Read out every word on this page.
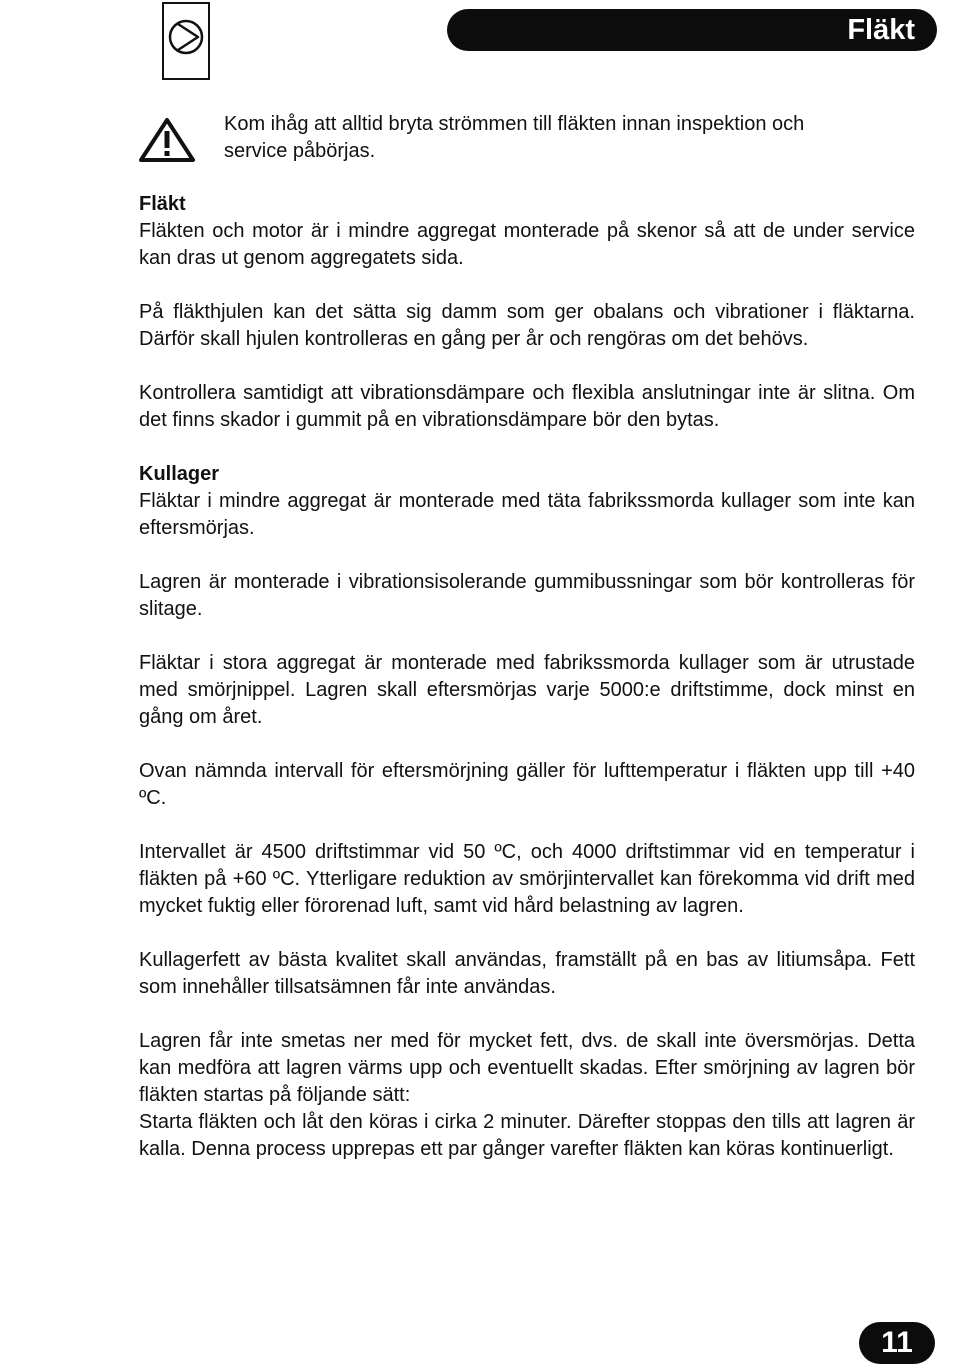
Fläkt
Kom ihåg att alltid bryta strömmen till fläkten innan inspektion och
service påbörjas.
Fläkt

Fläkten och motor är i mindre aggregat monterade på skenor så att de under service kan dras ut genom aggregatets sida.

På fläkthjulen kan det sätta sig damm som ger obalans och vibrationer i fläktarna. Därför skall hjulen kontrolleras en gång per år och rengöras om det behövs.

Kontrollera samtidigt att vibrationsdämpare och flexibla anslutningar inte är slitna. Om det finns skador i gummit på en vibrationsdämpare bör den bytas.

Kullager

Fläktar i mindre aggregat är monterade med täta fabrikssmorda kullager som inte kan eftersmörjas.

Lagren är monterade i vibrationsisolerande gummibussningar som bör kontrolleras för slitage.

Fläktar i stora aggregat är monterade med fabrikssmorda kullager som är utrustade med smörjnippel. Lagren skall eftersmörjas varje 5000:e driftstimme, dock minst en gång om året.

Ovan nämnda intervall för eftersmörjning gäller för lufttemperatur i fläkten upp till +40 ºC.

Intervallet är 4500 driftstimmar vid 50 ºC, och 4000 driftstimmar vid en temperatur i fläkten på +60 ºC. Ytterligare reduktion av smörjintervallet kan förekomma vid drift med mycket fuktig eller förorenad luft, samt vid hård belastning av lagren.

Kullagerfett av bästa kvalitet skall användas, framställt på en bas av litiumsåpa. Fett som innehåller tillsatsämnen får inte användas.

Lagren får inte smetas ner med för mycket fett, dvs. de skall inte översmörjas. Detta kan medföra att lagren värms upp och eventuellt skadas. Efter smörjning av lagren bör fläkten startas på följande sätt:

Starta fläkten och låt den köras i cirka 2 minuter. Därefter stoppas den tills att lagren är kalla. Denna process upprepas ett par gånger varefter fläkten kan köras kontinuerligt.

11
